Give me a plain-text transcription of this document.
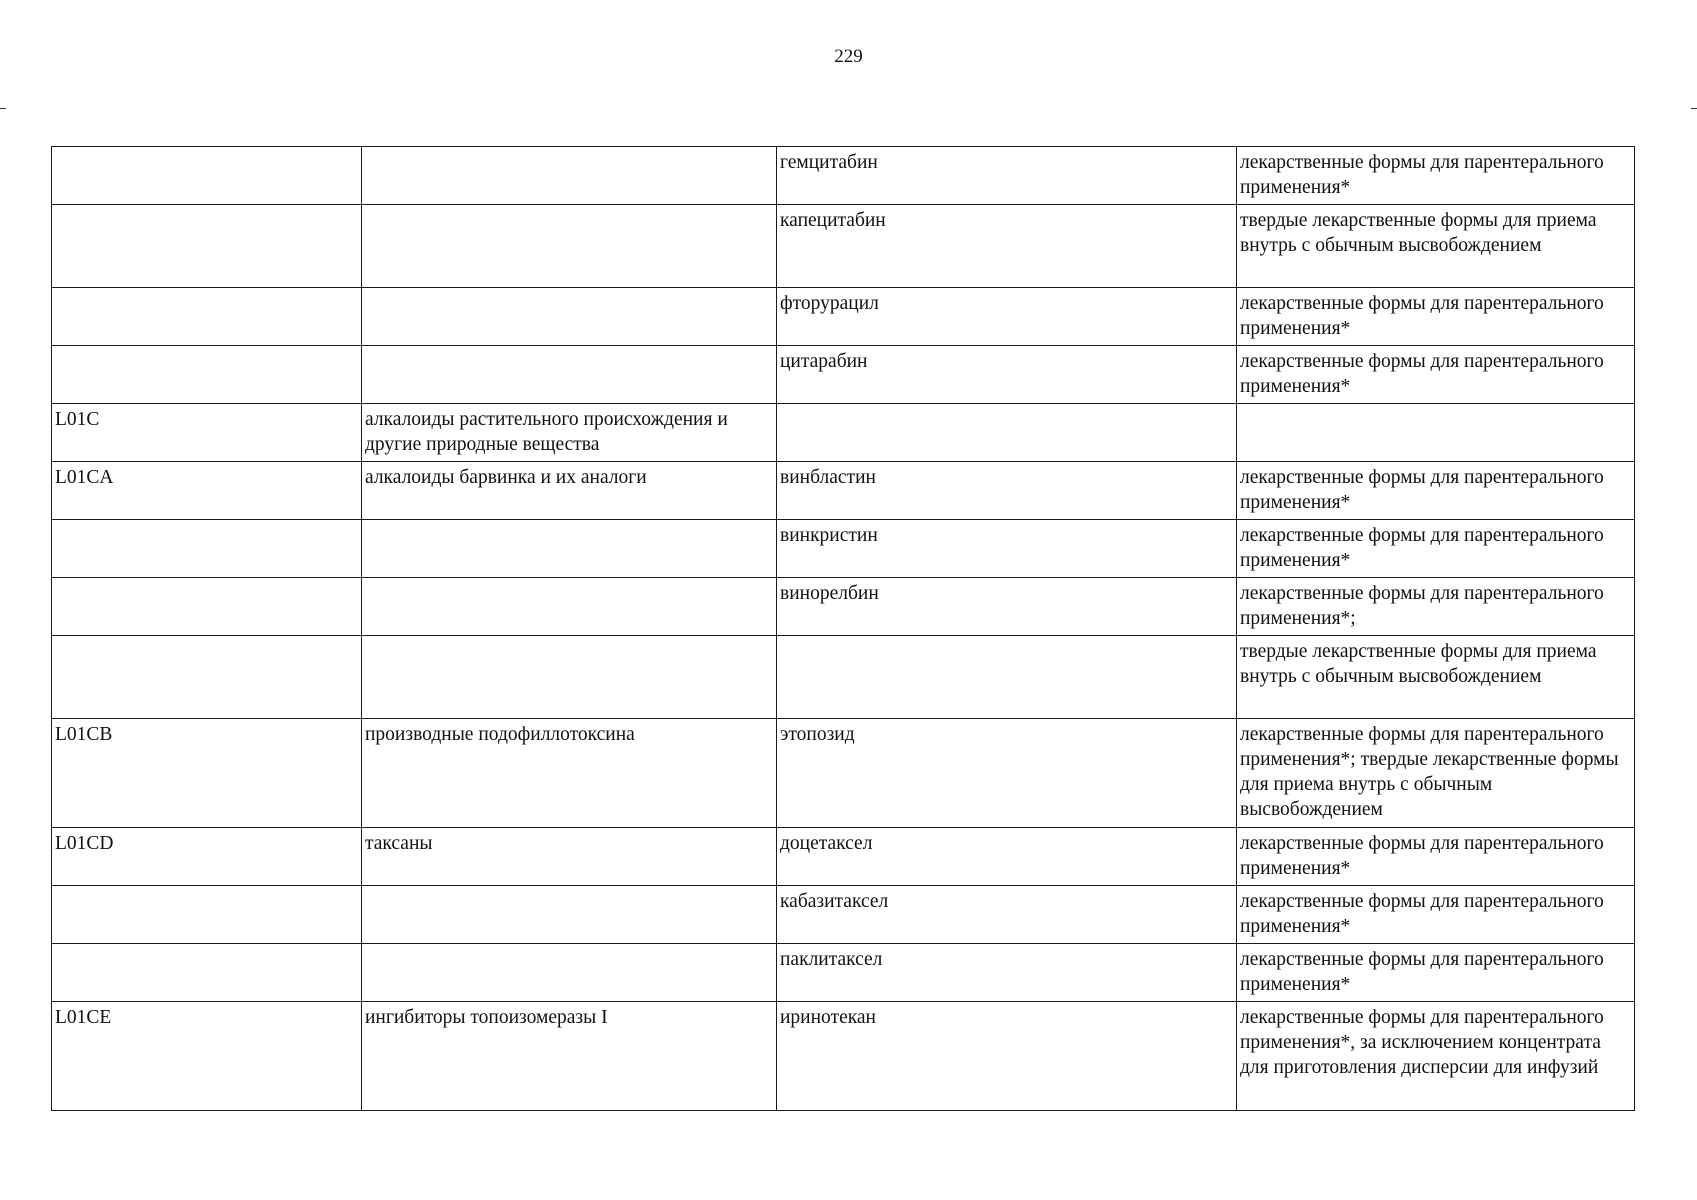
229
		гемцитабин	лекарственные формы для парентерального применения*
		капецитабин	твердые лекарственные формы для приема внутрь с обычным высвобождением
		фторурацил	лекарственные формы для парентерального применения*
		цитарабин	лекарственные формы для парентерального применения*
L01C	алкалоиды растительного происхождения и другие природные вещества		
L01CA	алкалоиды барвинка и их аналоги	винбластин	лекарственные формы для парентерального применения*
		винкристин	лекарственные формы для парентерального применения*
		винорелбин	лекарственные формы для парентерального применения*;
			твердые лекарственные формы для приема внутрь с обычным высвобождением
L01CB	производные подофиллотоксина	этопозид	лекарственные формы для парентерального применения*; твердые лекарственные формы для приема внутрь с обычным высвобождением
L01CD	таксаны	доцетаксел	лекарственные формы для парентерального применения*
		кабазитаксел	лекарственные формы для парентерального применения*
		паклитаксел	лекарственные формы для парентерального применения*
L01CE	ингибиторы топоизомеразы I	иринотекан	лекарственные формы для парентерального применения*, за исключением концентрата для приготовления дисперсии для инфузий
